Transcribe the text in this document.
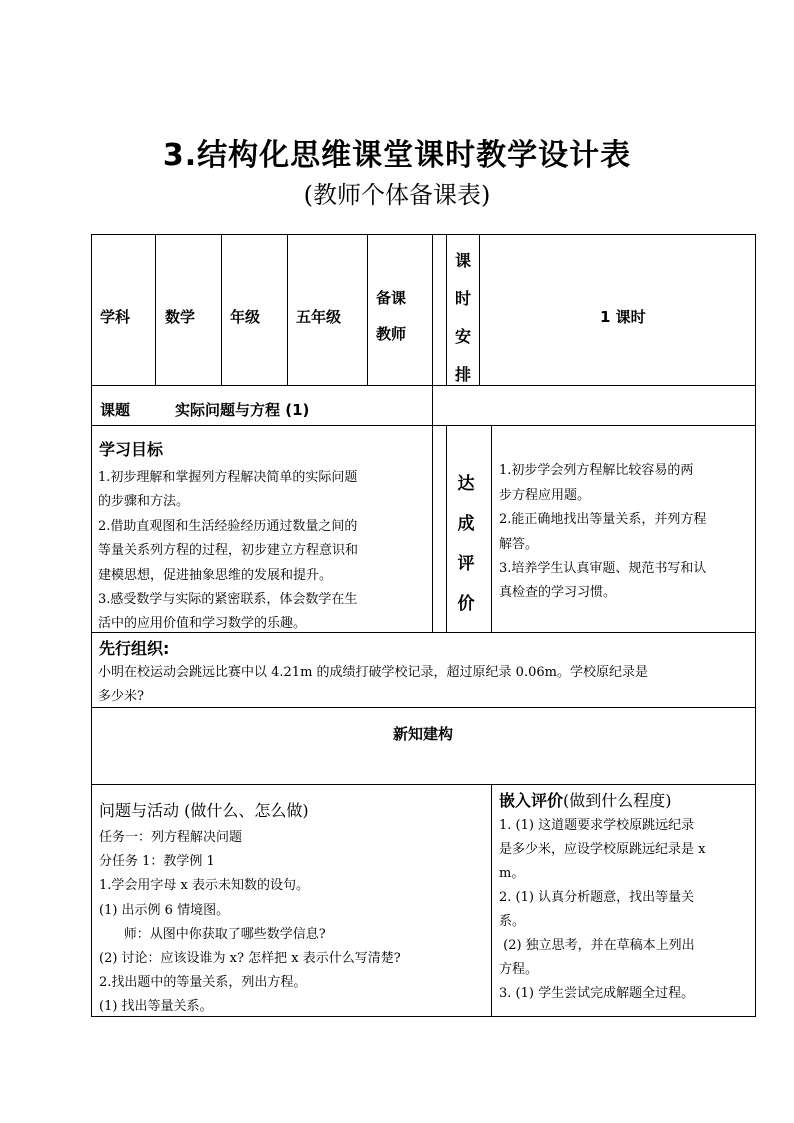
3.结构化思维课堂课时教学设计表
(教师个体备课表)
学科 数学 年级 五年级
备课
教师
课
时
安
排
1 课时
课题	实际问题与方程 (1)
学习目标
1.初步理解和掌握列方程解决简单的实际问题
的步骤和方法。
2.借助直观图和生活经验经历通过数量之间的
等量关系列方程的过程，初步建立方程意识和
建模思想，促进抽象思维的发展和提升。
3.感受数学与实际的紧密联系，体会数学在生
活中的应用价值和学习数学的乐趣。
达
成
评
价
1.初步学会列方程解比较容易的两
步方程应用题。
2.能正确地找出等量关系，并列方程
解答。
3.培养学生认真审题、规范书写和认
真检查的学习习惯。
先行组织:
小明在校运动会跳远比赛中以 4.21m 的成绩打破学校记录，超过原纪录 0.06m。学校原纪录是
多少米?
新知建构
问题与活动 (做什么、怎么做)
任务一：列方程解决问题
分任务 1：教学例 1
1.学会用字母 x 表示未知数的设句。
(1) 出示例 6 情境图。
师：从图中你获取了哪些数学信息?
(2) 讨论：应该设谁为 x? 怎样把 x 表示什么写清楚?
2.找出题中的等量关系，列出方程。
(1) 找出等量关系。
嵌入评价(做到什么程度)
1. (1) 这道题要求学校原跳远纪录
是多少米，应设学校原跳远纪录是 x
m。
2. (1) 认真分析题意，找出等量关
系。
(2) 独立思考，并在草稿本上列出
方程。
3. (1) 学生尝试完成解题全过程。
